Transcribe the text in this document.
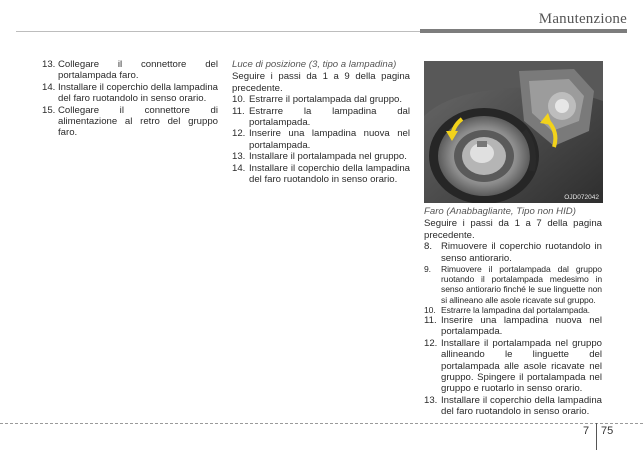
Manutenzione
13. Collegare il connettore del portalampada faro.
14. Installare il coperchio della lampadina del faro ruotandolo in senso orario.
15. Collegare il connettore di alimentazione al retro del gruppo faro.
Luce di posizione (3, tipo a lampadina)
Seguire i passi da 1 a 9 della pagina precedente.
10. Estrarre il portalampada dal gruppo.
11. Estrarre la lampadina dal portalampada.
12. Inserire una lampadina nuova nel portalampada.
13. Installare il portalampada nel gruppo.
14. Installare il coperchio della lampadina del faro ruotandolo in senso orario.
OJD072042
Faro (Anabbagliante, Tipo non HID)
Seguire i passi da 1 a 7 della pagina precedente.
8. Rimuovere il coperchio ruotandolo in senso antiorario.
9.	Rimuovere il portalampada dal gruppo ruotando il portalampada medesimo in senso antiorario finché le sue linguette non si allineano alle asole ricavate sul gruppo.
10. Estrarre la lampadina dal portalampada.
11. Inserire una lampadina nuova nel portalampada.
12. Installare il portalampada nel gruppo allineando le linguette del portalampada alle asole ricavate nel gruppo. Spingere il portalampada nel gruppo e ruotarlo in senso orario.
13. Installare il coperchio della lampadina del faro ruotandolo in senso orario.
7 75
